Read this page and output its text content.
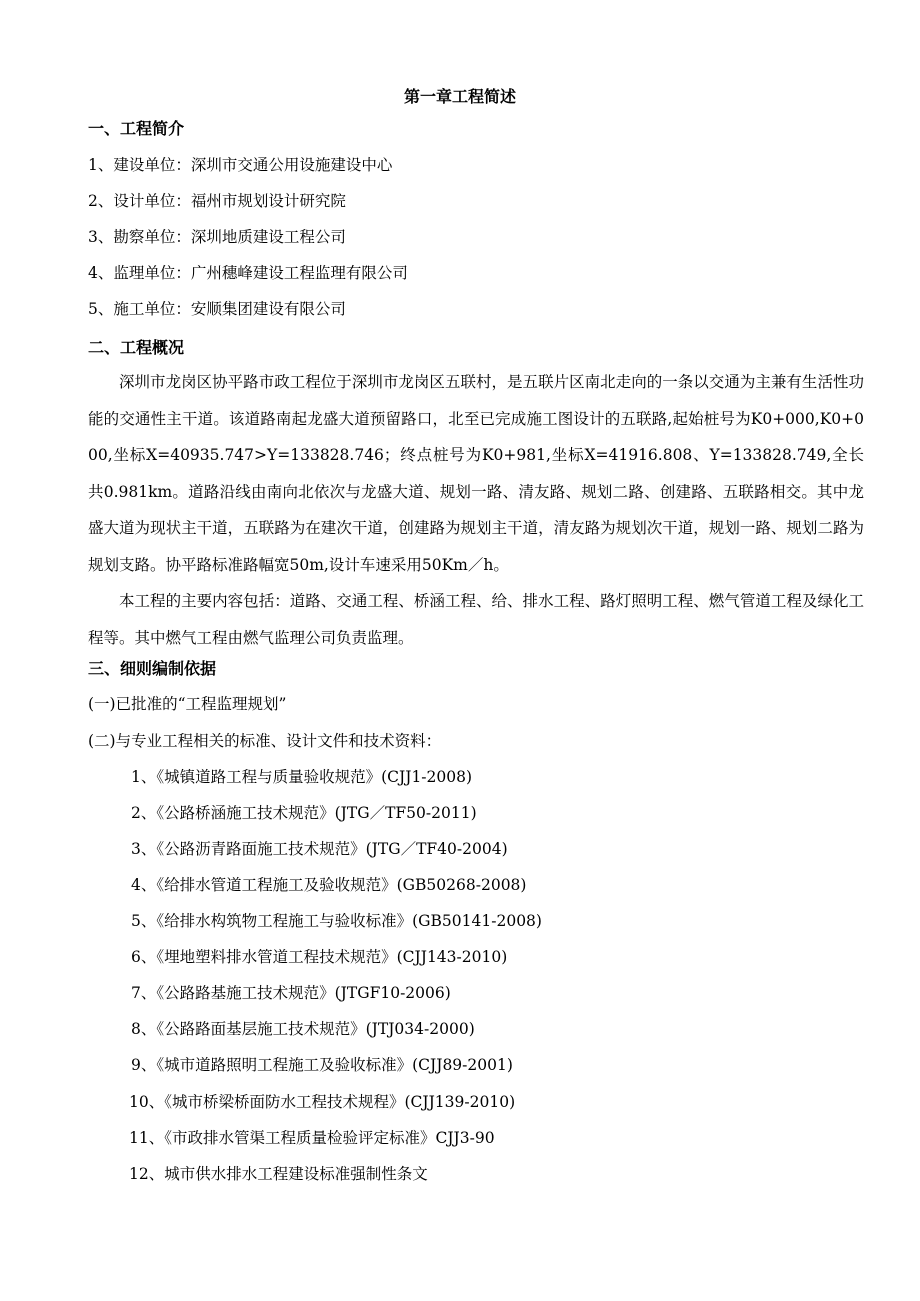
第一章工程简述
一、工程简介
1、建设单位：深圳市交通公用设施建设中心
2、设计单位：福州市规划设计研究院
3、勘察单位：深圳地质建设工程公司
4、监理单位：广州穗峰建设工程监理有限公司
5、施工单位：安顺集团建设有限公司
二、工程概况
深圳市龙岗区协平路市政工程位于深圳市龙岗区五联村，是五联片区南北走向的一条以交通为主兼有生活性功能的交通性主干道。该道路南起龙盛大道预留路口，北至已完成施工图设计的五联路,起始桩号为K0+000,K0+000,坐标X=40935.747>Y=133828.746；终点桩号为K0+981,坐标X=41916.808、Y=133828.749,全长共0.981km。道路沿线由南向北依次与龙盛大道、规划一路、清友路、规划二路、创建路、五联路相交。其中龙盛大道为现状主干道，五联路为在建次干道，创建路为规划主干道，清友路为规划次干道，规划一路、规划二路为规划支路。协平路标准路幅宽50m,设计车速采用50Km／h。
本工程的主要内容包括：道路、交通工程、桥涵工程、给、排水工程、路灯照明工程、燃气管道工程及绿化工程等。其中燃气工程由燃气监理公司负责监理。
三、细则编制依据
(一)已批准的“工程监理规划”
(二)与专业工程相关的标准、设计文件和技术资料：
1、《城镇道路工程与质量验收规范》(CJJ1-2008)
2、《公路桥涵施工技术规范》(JTG／TF50-2011)
3、《公路沥青路面施工技术规范》(JTG／TF40-2004)
4、《给排水管道工程施工及验收规范》(GB50268-2008)
5、《给排水构筑物工程施工与验收标准》(GB50141-2008)
6、《埋地塑料排水管道工程技术规范》(CJJ143-2010)
7、《公路路基施工技术规范》(JTGF10-2006)
8、《公路路面基层施工技术规范》(JTJ034-2000)
9、《城市道路照明工程施工及验收标准》(CJJ89-2001)
10、《城市桥梁桥面防水工程技术规程》(CJJ139-2010)
11、《市政排水管渠工程质量检验评定标准》CJJ3-90
12、城市供水排水工程建设标准强制性条文
